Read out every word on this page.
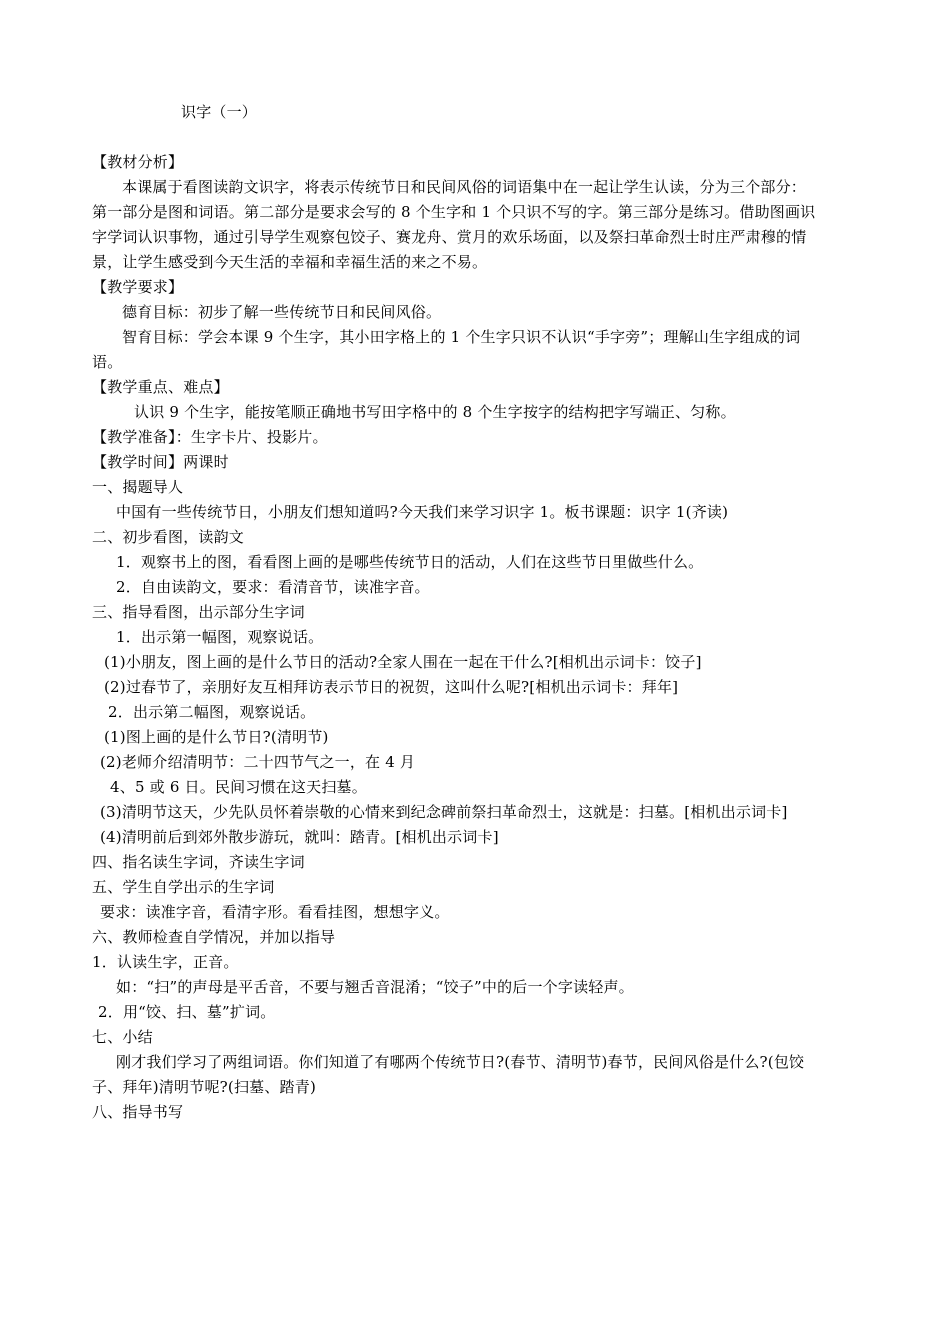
识字（一）
【教材分析】
本课属于看图读韵文识字，将表示传统节日和民间风俗的词语集中在一起让学生认读，分为三个部分：
第一部分是图和词语。第二部分是要求会写的 8 个生字和 1 个只识不写的字。第三部分是练习。借助图画识
字学词认识事物，通过引导学生观察包饺子、赛龙舟、赏月的欢乐场面，以及祭扫革命烈士时庄严肃穆的情
景，让学生感受到今天生活的幸福和幸福生活的来之不易。
【教学要求】
德育目标：初步了解一些传统节日和民间风俗。
智育目标：学会本课 9 个生字，其小田字格上的 1 个生字只识不认识“手字旁”；理解山生字组成的词
语。
【教学重点、难点】
认识 9 个生字，能按笔顺正确地书写田字格中的 8 个生字按字的结构把字写端正、匀称。
【教学准备】：生字卡片、投影片。
【教学时间】两课时
一、揭题导人
中国有一些传统节日，小朋友们想知道吗?今天我们来学习识字 1。板书课题：识字 1(齐读)
二、初步看图，读韵文
1．观察书上的图，看看图上画的是哪些传统节日的活动，人们在这些节日里做些什么。
2．自由读韵文，要求：看清音节，读准字音。
三、指导看图，出示部分生字词
1．出示第一幅图，观察说话。
(1)小朋友，图上画的是什么节日的活动?全家人围在一起在干什么?[相机出示词卡：饺子]
(2)过春节了，亲朋好友互相拜访表示节日的祝贺，这叫什么呢?[相机出示词卡：拜年]
2．出示第二幅图，观察说话。
(1)图上画的是什么节日?(清明节)
(2)老师介绍清明节：二十四节气之一，在 4 月
4、5 或 6 日。民间习惯在这天扫墓。
(3)清明节这天，少先队员怀着崇敬的心情来到纪念碑前祭扫革命烈士，这就是：扫墓。[相机出示词卡]
(4)清明前后到郊外散步游玩，就叫：踏青。[相机出示词卡]
四、指名读生字词，齐读生字词
五、学生自学出示的生字词
要求：读准字音，看清字形。看看挂图，想想字义。
六、教师检查自学情况，并加以指导
1．认读生字，正音。
如：“扫”的声母是平舌音，不要与翘舌音混淆；“饺子”中的后一个字读轻声。
2．用“饺、扫、墓”扩词。
七、小结
刚才我们学习了两组词语。你们知道了有哪两个传统节日?(春节、清明节)春节，民间风俗是什么?(包饺
子、拜年)清明节呢?(扫墓、踏青)
八、指导书写
